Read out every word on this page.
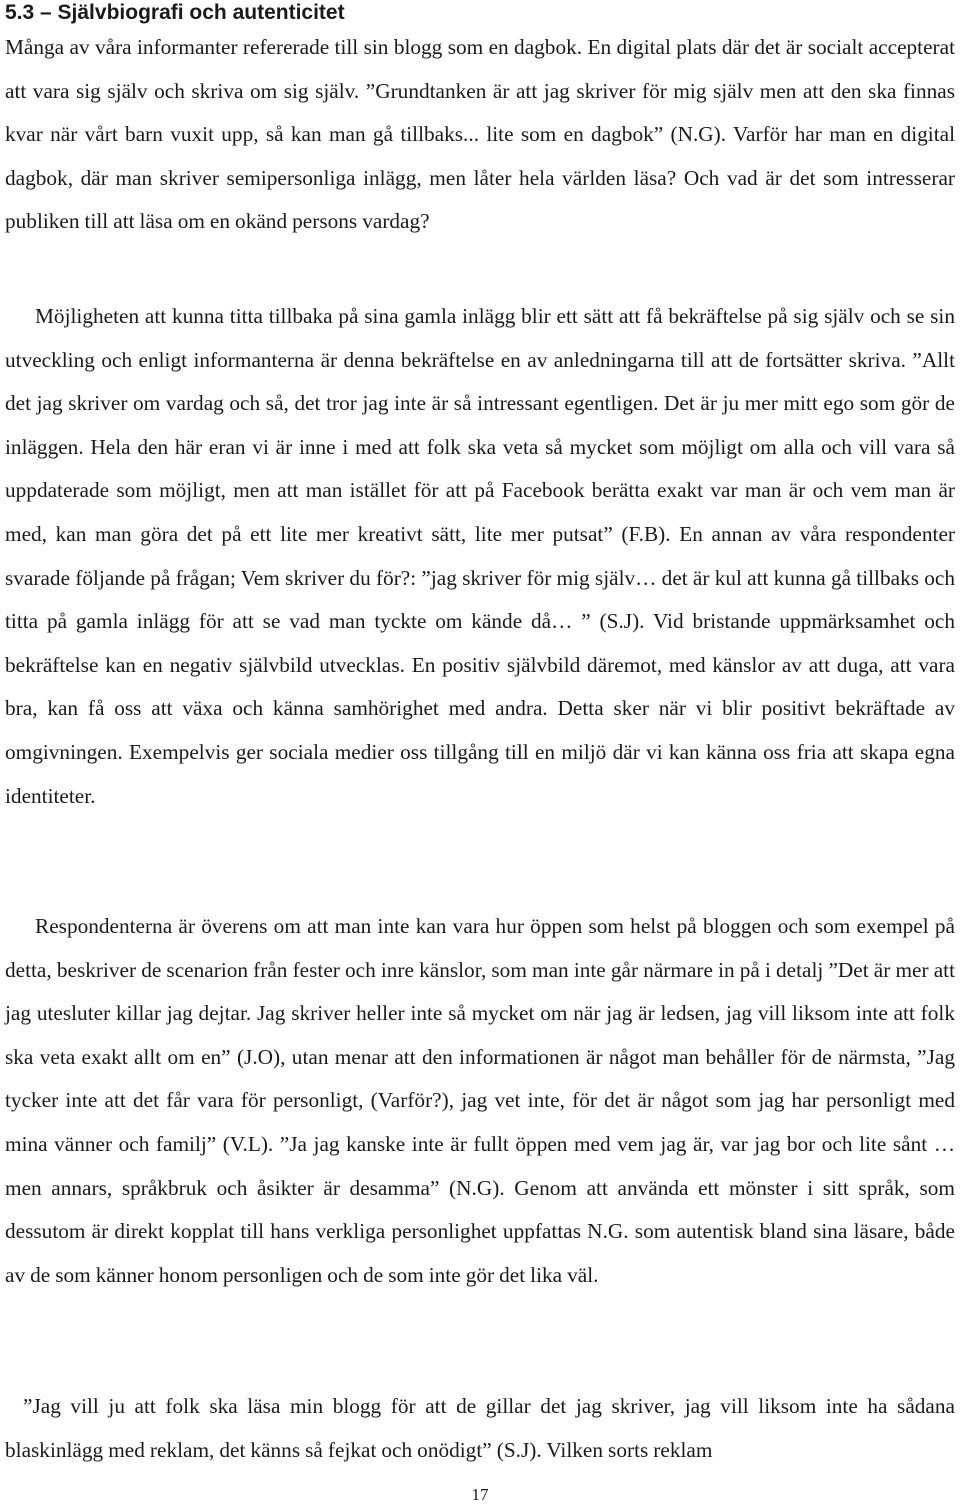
5.3 – Självbiografi och autenticitet

Många av våra informanter refererade till sin blogg som en dagbok. En digital plats där det är socialt accepterat att vara sig själv och skriva om sig själv. ”Grundtanken är att jag skriver för mig själv men att den ska finnas kvar när vårt barn vuxit upp, så kan man gå tillbaks... lite som en dagbok” (N.G). Varför har man en digital dagbok, där man skriver semipersonliga inlägg, men låter hela världen läsa? Och vad är det som intresserar publiken till att läsa om en okänd persons vardag?

Möjligheten att kunna titta tillbaka på sina gamla inlägg blir ett sätt att få bekräftelse på sig själv och se sin utveckling och enligt informanterna är denna bekräftelse en av anledningarna till att de fortsätter skriva. ”Allt det jag skriver om vardag och så, det tror jag inte är så intressant egentligen. Det är ju mer mitt ego som gör de inläggen. Hela den här eran vi är inne i med att folk ska veta så mycket som möjligt om alla och vill vara så uppdaterade som möjligt, men att man istället för att på Facebook berätta exakt var man är och vem man är med, kan man göra det på ett lite mer kreativt sätt, lite mer putsat” (F.B). En annan av våra respondenter svarade följande på frågan; Vem skriver du för?: ”jag skriver för mig själv… det är kul att kunna gå tillbaks och titta på gamla inlägg för att se vad man tyckte om kände då… ” (S.J). Vid bristande uppmärksamhet och bekräftelse kan en negativ självbild utvecklas. En positiv självbild däremot, med känslor av att duga, att vara bra, kan få oss att växa och känna samhörighet med andra. Detta sker när vi blir positivt bekräftade av omgivningen. Exempelvis ger sociala medier oss tillgång till en miljö där vi kan känna oss fria att skapa egna identiteter.

Respondenterna är överens om att man inte kan vara hur öppen som helst på bloggen och som exempel på detta, beskriver de scenarion från fester och inre känslor, som man inte går närmare in på i detalj ”Det är mer att jag utesluter killar jag dejtar. Jag skriver heller inte så mycket om när jag är ledsen, jag vill liksom inte att folk ska veta exakt allt om en” (J.O), utan menar att den informationen är något man behåller för de närmsta, ”Jag tycker inte att det får vara för personligt, (Varför?), jag vet inte, för det är något som jag har personligt med mina vänner och familj” (V.L). ”Ja jag kanske inte är fullt öppen med vem jag är, var jag bor och lite sånt … men annars, språkbruk och åsikter är desamma” (N.G). Genom att använda ett mönster i sitt språk, som dessutom är direkt kopplat till hans verkliga personlighet uppfattas N.G. som autentisk bland sina läsare, både av de som känner honom personligen och de som inte gör det lika väl.

”Jag vill ju att folk ska läsa min blogg för att de gillar det jag skriver, jag vill liksom inte ha sådana blaskinlägg med reklam, det känns så fejkat och onödigt” (S.J). Vilken sorts reklam

17
